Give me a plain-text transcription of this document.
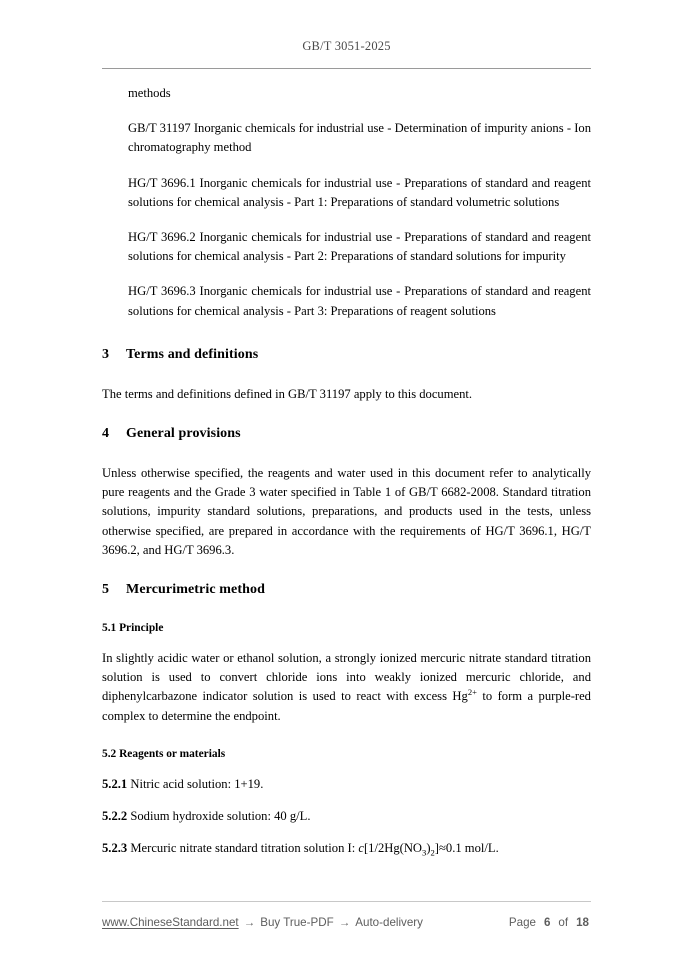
GB/T 3051-2025

methods

GB/T 31197 Inorganic chemicals for industrial use - Determination of impurity anions - Ion chromatography method

HG/T 3696.1 Inorganic chemicals for industrial use - Preparations of standard and reagent solutions for chemical analysis - Part 1: Preparations of standard volumetric solutions

HG/T 3696.2 Inorganic chemicals for industrial use - Preparations of standard and reagent solutions for chemical analysis - Part 2: Preparations of standard solutions for impurity

HG/T 3696.3 Inorganic chemicals for industrial use - Preparations of standard and reagent solutions for chemical analysis - Part 3: Preparations of reagent solutions

3 Terms and definitions

The terms and definitions defined in GB/T 31197 apply to this document.

4 General provisions

Unless otherwise specified, the reagents and water used in this document refer to analytically pure reagents and the Grade 3 water specified in Table 1 of GB/T 6682-2008. Standard titration solutions, impurity standard solutions, preparations, and products used in the tests, unless otherwise specified, are prepared in accordance with the requirements of HG/T 3696.1, HG/T 3696.2, and HG/T 3696.3.

5 Mercurimetric method
5.1 Principle

In slightly acidic water or ethanol solution, a strongly ionized mercuric nitrate standard titration solution is used to convert chloride ions into weakly ionized mercuric chloride, and diphenylcarbazone indicator solution is used to react with excess $Hg^{2+}$ to form a purple-red complex to determine the endpoint.

5.2 Reagents or materials

5.2.1 Nitric acid solution: 1+19.

5.2.2 Sodium hydroxide solution: 40 g/L.

5.2.3 Mercuric nitrate standard titration solution I: $c[1/2Hg(NO_3)_2]\approx 0.1$ mol/L.

www.ChineseStandard.net → Buy True-PDF → Auto-delivery	Page 6 of 18
